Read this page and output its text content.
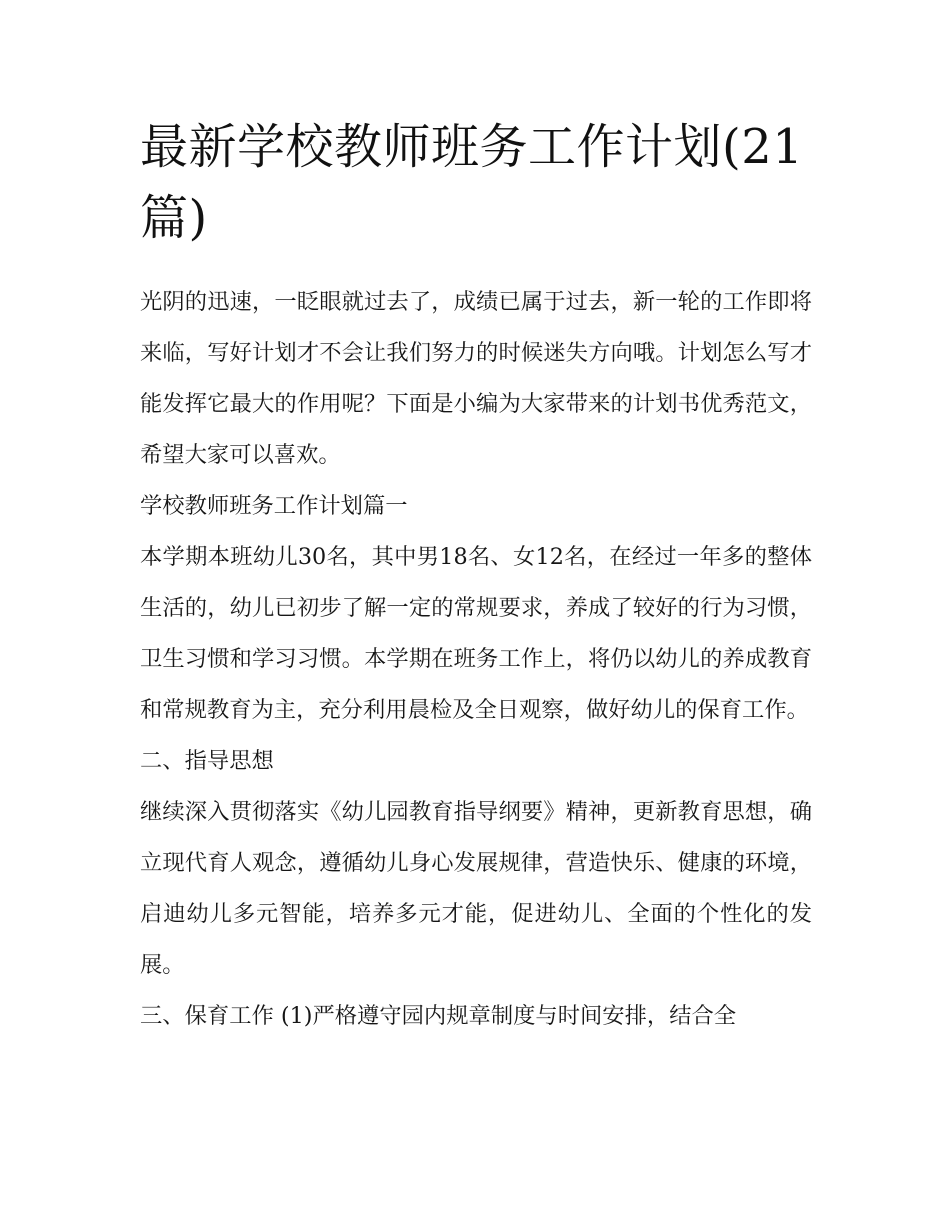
最新学校教师班务工作计划(21篇)

光阴的迅速，一眨眼就过去了，成绩已属于过去，新一轮的工作即将来临，写好计划才不会让我们努力的时候迷失方向哦。计划怎么写才能发挥它最大的作用呢？下面是小编为大家带来的计划书优秀范文，希望大家可以喜欢。

学校教师班务工作计划篇一

本学期本班幼儿30名，其中男18名、女12名，在经过一年多的整体生活的，幼儿已初步了解一定的常规要求，养成了较好的行为习惯，卫生习惯和学习习惯。本学期在班务工作上，将仍以幼儿的养成教育和常规教育为主，充分利用晨检及全日观察，做好幼儿的保育工作。

二、指导思想

继续深入贯彻落实《幼儿园教育指导纲要》精神，更新教育思想，确立现代育人观念，遵循幼儿身心发展规律，营造快乐、健康的环境，启迪幼儿多元智能，培养多元才能，促进幼儿、全面的个性化的发展。

三、保育工作 (1)严格遵守园内规章制度与时间安排，结合全
